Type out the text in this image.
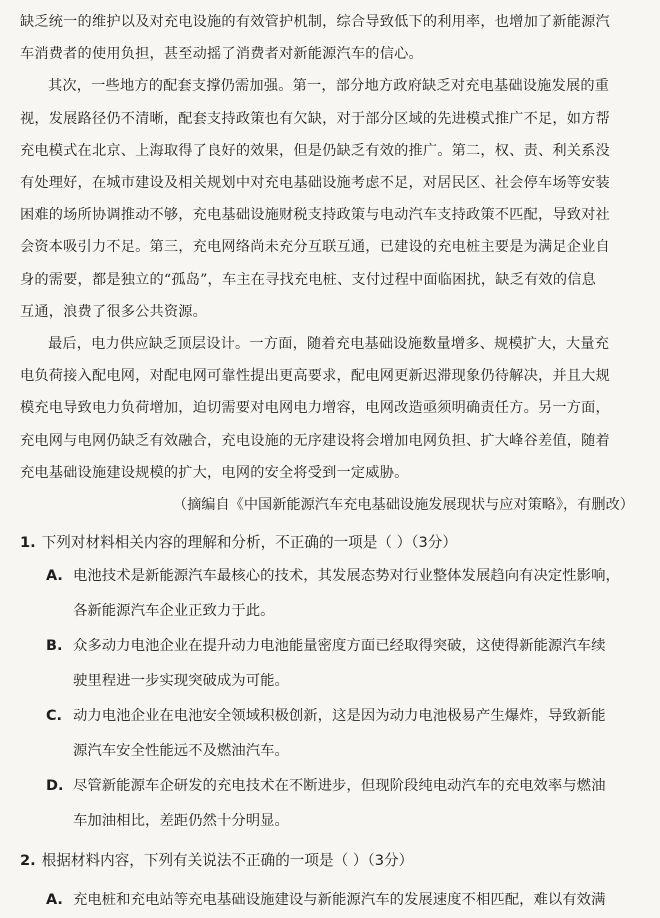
缺乏统一的维护以及对充电设施的有效管护机制，综合导致低下的利用率，也增加了新能源汽
车消费者的使用负担，甚至动摇了消费者对新能源汽车的信心。

其次，一些地方的配套支撑仍需加强。第一，部分地方政府缺乏对充电基础设施发展的重
视，发展路径仍不清晰，配套支持政策也有欠缺，对于部分区域的先进模式推广不足，如方帮
充电模式在北京、上海取得了良好的效果，但是仍缺乏有效的推广。第二，权、责、利关系没
有处理好，在城市建设及相关规划中对充电基础设施考虑不足，对居民区、社会停车场等安装
困难的场所协调推动不够，充电基础设施财税支持政策与电动汽车支持政策不匹配，导致对社
会资本吸引力不足。第三，充电网络尚未充分互联互通，已建设的充电桩主要是为满足企业自
身的需要，都是独立的“孤岛”，车主在寻找充电桩、支付过程中面临困扰，缺乏有效的信息
互通，浪费了很多公共资源。

最后，电力供应缺乏顶层设计。一方面，随着充电基础设施数量增多、规模扩大，大量充
电负荷接入配电网，对配电网可靠性提出更高要求，配电网更新迟滞现象仍待解决，并且大规
模充电导致电力负荷增加，迫切需要对电网电力增容，电网改造亟须明确责任方。另一方面，
充电网与电网仍缺乏有效融合，充电设施的无序建设将会增加电网负担、扩大峰谷差值，随着
充电基础设施建设规模的扩大，电网的安全将受到一定威胁。

（摘编自《中国新能源汽车充电基础设施发展现状与应对策略》，有删改）

1. 下列对材料相关内容的理解和分析，不正确的一项是（ ）（3分）
A. 电池技术是新能源汽车最核心的技术，其发展态势对行业整体发展趋向有决定性影响，
各新能源汽车企业正致力于此。
B. 众多动力电池企业在提升动力电池能量密度方面已经取得突破，这使得新能源汽车续
驶里程进一步实现突破成为可能。
C. 动力电池企业在电池安全领域积极创新，这是因为动力电池极易产生爆炸，导致新能
源汽车安全性能远不及燃油汽车。
D. 尽管新能源车企研发的充电技术在不断进步，但现阶段纯电动汽车的充电效率与燃油
车加油相比，差距仍然十分明显。
2. 根据材料内容，下列有关说法不正确的一项是（ ）（3分）
A. 充电桩和充电站等充电基础设施建设与新能源汽车的发展速度不相匹配，难以有效满
